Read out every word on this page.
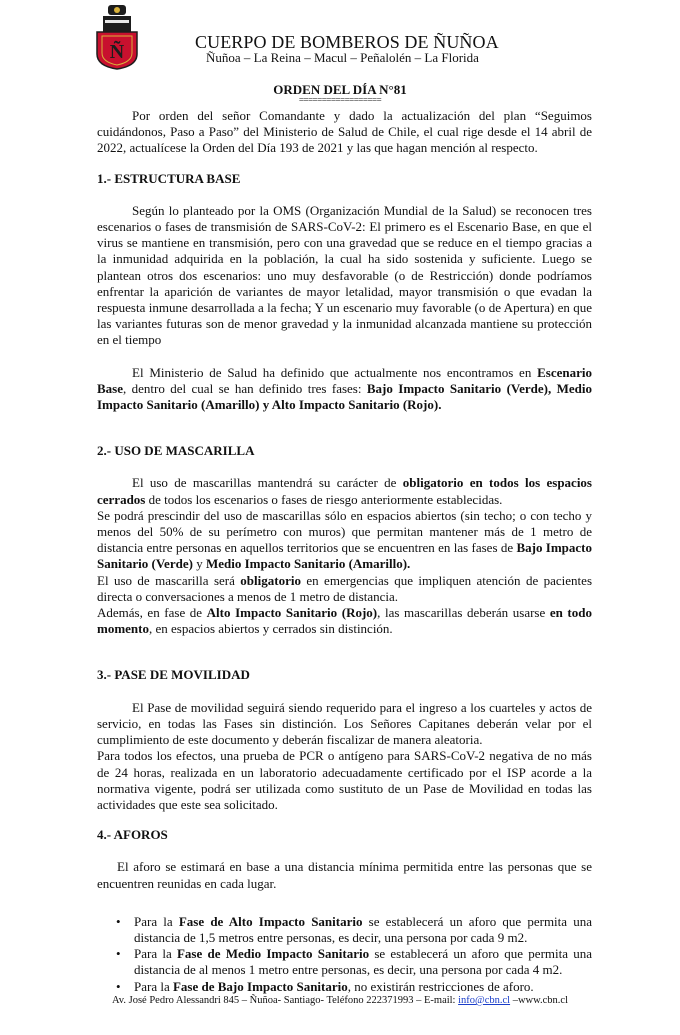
Ñ	CUERPO DE BOMBEROS DE ÑUÑOA
Ñuñoa – La Reina – Macul – Peñalolén – La Florida
ORDEN DEL DÍA N°81
==================

Por orden del señor Comandante y dado la actualización del plan “Seguimos cuidándonos, Paso a Paso” del Ministerio de Salud de Chile, el cual rige desde el 14 abril de 2022, actualícese la Orden del Día 193 de 2021 y las que hagan mención al respecto.

1.- ESTRUCTURA BASE

Según lo planteado por la OMS (Organización Mundial de la Salud) se reconocen tres escenarios o fases de transmisión de SARS-CoV-2: El primero es el Escenario Base, en que el virus se mantiene en transmisión, pero con una gravedad que se reduce en el tiempo gracias a la inmunidad adquirida en la población, la cual ha sido sostenida y suficiente. Luego se plantean otros dos escenarios: uno muy desfavorable (o de Restricción) donde podríamos enfrentar la aparición de variantes de mayor letalidad, mayor transmisión o que evadan la respuesta inmune desarrollada a la fecha; Y un escenario muy favorable (o de Apertura) en que las variantes futuras son de menor gravedad y la inmunidad alcanzada mantiene su protección en el tiempo

El Ministerio de Salud ha definido que actualmente nos encontramos en Escenario Base, dentro del cual se han definido tres fases: Bajo Impacto Sanitario (Verde), Medio Impacto Sanitario (Amarillo) y Alto Impacto Sanitario (Rojo).

2.- USO DE MASCARILLA

El uso de mascarillas mantendrá su carácter de obligatorio en todos los espacios cerrados de todos los escenarios o fases de riesgo anteriormente establecidas.

Se podrá prescindir del uso de mascarillas sólo en espacios abiertos (sin techo; o con techo y menos del 50% de su perímetro con muros) que permitan mantener más de 1 metro de distancia entre personas en aquellos territorios que se encuentren en las fases de Bajo Impacto Sanitario (Verde) y Medio Impacto Sanitario (Amarillo).

El uso de mascarilla será obligatorio en emergencias que impliquen atención de pacientes directa o conversaciones a menos de 1 metro de distancia.

Además, en fase de Alto Impacto Sanitario (Rojo), las mascarillas deberán usarse en todo momento, en espacios abiertos y cerrados sin distinción.

3.- PASE DE MOVILIDAD

El Pase de movilidad seguirá siendo requerido para el ingreso a los cuarteles y actos de servicio, en todas las Fases sin distinción. Los Señores Capitanes deberán velar por el cumplimiento de este documento y deberán fiscalizar de manera aleatoria.

Para todos los efectos, una prueba de PCR o antígeno para SARS-CoV-2 negativa de no más de 24 horas, realizada en un laboratorio adecuadamente certificado por el ISP acorde a la normativa vigente, podrá ser utilizada como sustituto de un Pase de Movilidad en todas las actividades que este sea solicitado.

4.- AFOROS

El aforo se estimará en base a una distancia mínima permitida entre las personas que se encuentren reunidas en cada lugar.

• Para la Fase de Alto Impacto Sanitario se establecerá un aforo que permita una distancia de 1,5 metros entre personas, es decir, una persona por cada 9 m2.
• Para la Fase de Medio Impacto Sanitario se establecerá un aforo que permita una distancia de al menos 1 metro entre personas, es decir, una persona por cada 4 m2.
• Para la Fase de Bajo Impacto Sanitario, no existirán restricciones de aforo.
Av. José Pedro Alessandri 845 – Ñuñoa- Santiago- Teléfono 222371993 – E-mail: info@cbn.cl –www.cbn.cl
